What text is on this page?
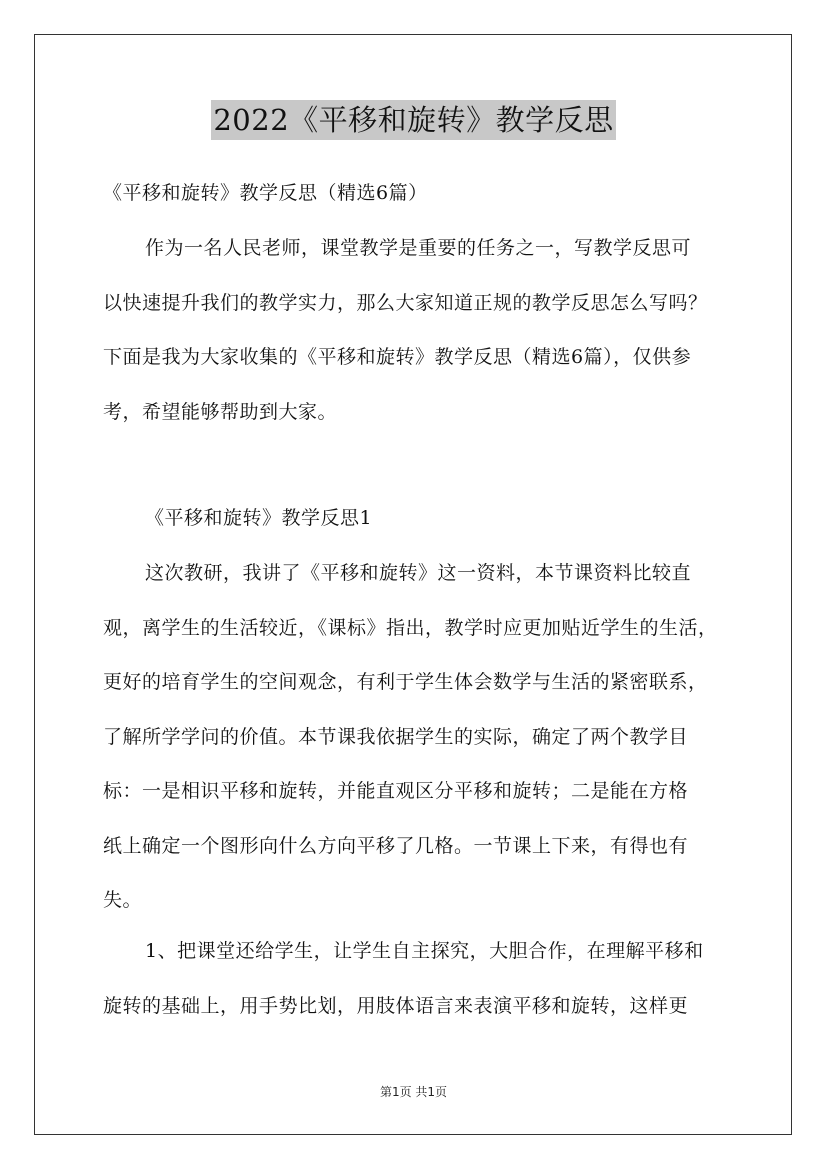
2022《平移和旋转》教学反思
《平移和旋转》教学反思（精选6篇）
作为一名人民老师，课堂教学是重要的任务之一，写教学反思可
以快速提升我们的教学实力，那么大家知道正规的教学反思怎么写吗？
下面是我为大家收集的《平移和旋转》教学反思（精选6篇），仅供参
考，希望能够帮助到大家。
《平移和旋转》教学反思1
这次教研，我讲了《平移和旋转》这一资料，本节课资料比较直
观，离学生的生活较近，《课标》指出，教学时应更加贴近学生的生活，
更好的培育学生的空间观念，有利于学生体会数学与生活的紧密联系，
了解所学学问的价值。本节课我依据学生的实际，确定了两个教学目
标：一是相识平移和旋转，并能直观区分平移和旋转；二是能在方格
纸上确定一个图形向什么方向平移了几格。一节课上下来，有得也有
失。
1、把课堂还给学生，让学生自主探究，大胆合作，在理解平移和
旋转的基础上，用手势比划，用肢体语言来表演平移和旋转，这样更
第1页 共1页
